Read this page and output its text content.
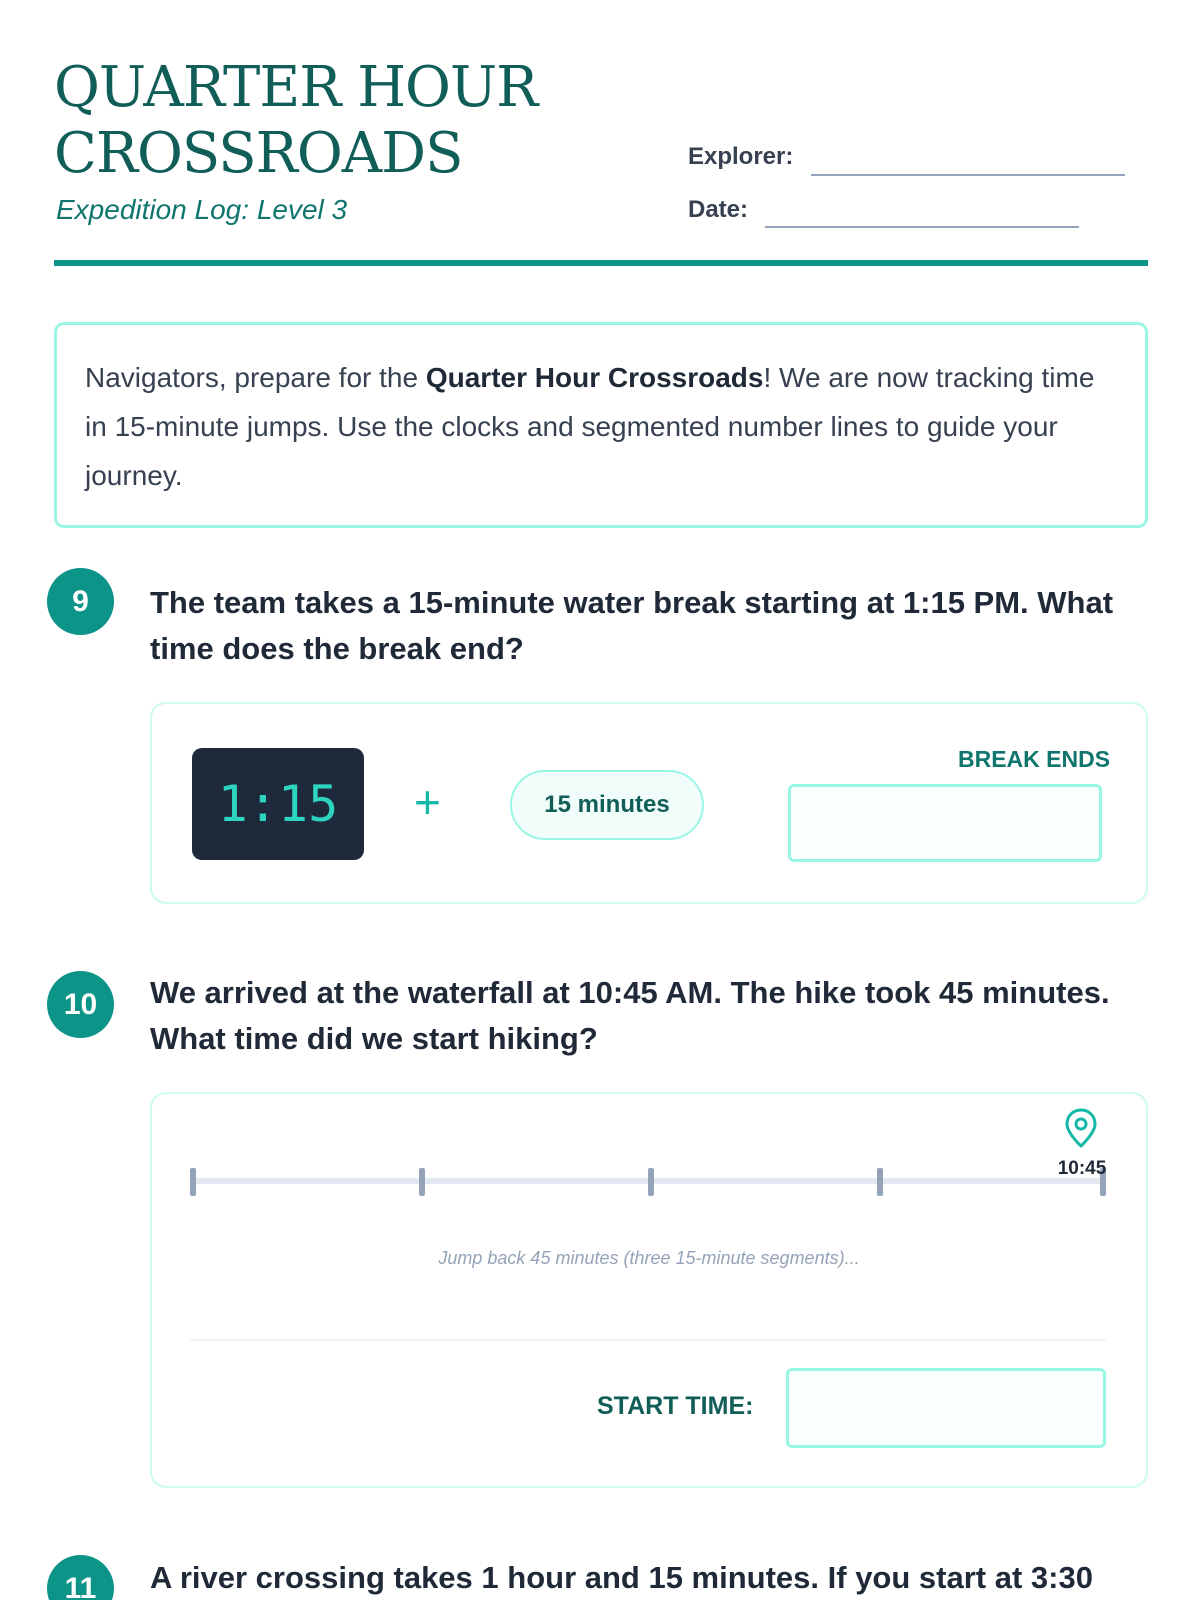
QUARTER HOUR
CROSSROADS
Expedition Log: Level 3
Explorer:
Date:
Navigators, prepare for the Quarter Hour Crossroads! We are now tracking time in 15-minute jumps. Use the clocks and segmented number lines to guide your journey.
9	The team takes a 15-minute water break starting at 1:15 PM. What time does the break end?
1:15	+	15 minutes
BREAK ENDS
10	We arrived at the waterfall at 10:45 AM. The hike took 45 minutes. What time did we start hiking?
10:45
Jump back 45 minutes (three 15-minute segments)...
START TIME:
11	A river crossing takes 1 hour and 15 minutes. If you start at 3:30
